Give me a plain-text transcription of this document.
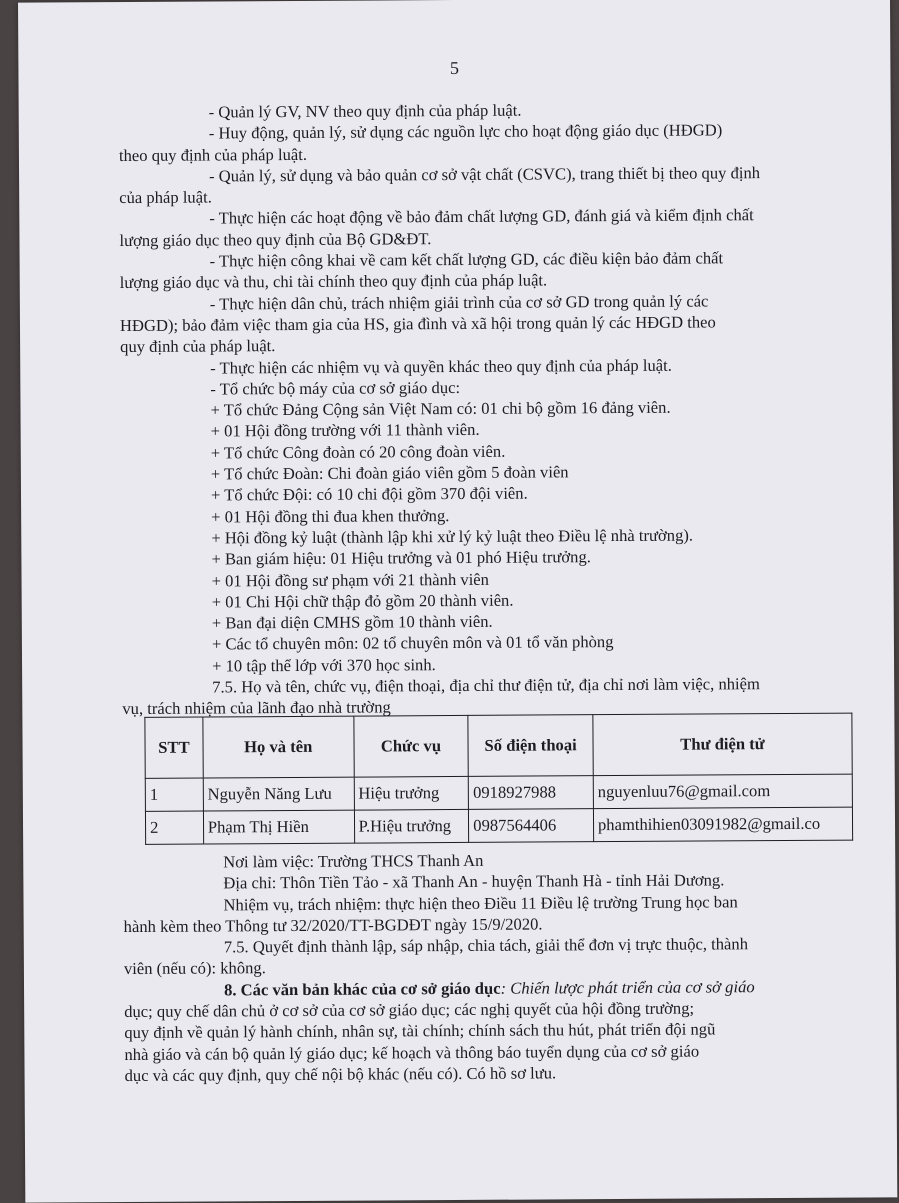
5

- Quản lý GV, NV theo quy định của pháp luật.

- Huy động, quản lý, sử dụng các nguồn lực cho hoạt động giáo dục (HĐGD)

theo quy định của pháp luật.

- Quản lý, sử dụng và bảo quản cơ sở vật chất (CSVC), trang thiết bị theo quy định

của pháp luật.

- Thực hiện các hoạt động về bảo đảm chất lượng GD, đánh giá và kiểm định chất

lượng giáo dục theo quy định của Bộ GD&ĐT.

- Thực hiện công khai về cam kết chất lượng GD, các điều kiện bảo đảm chất

lượng giáo dục và thu, chi tài chính theo quy định của pháp luật.

- Thực hiện dân chủ, trách nhiệm giải trình của cơ sở GD trong quản lý các

HĐGD); bảo đảm việc tham gia của HS, gia đình và xã hội trong quản lý các HĐGD theo

quy định của pháp luật.

- Thực hiện các nhiệm vụ và quyền khác theo quy định của pháp luật.

- Tổ chức bộ máy của cơ sở giáo dục:

+ Tổ chức Đảng Cộng sản Việt Nam có: 01 chi bộ gồm 16 đảng viên.

+ 01 Hội đồng trường với 11 thành viên.

+ Tổ chức Công đoàn có 20 công đoàn viên.

+ Tổ chức Đoàn: Chi đoàn giáo viên gồm 5 đoàn viên

+ Tổ chức Đội: có 10 chi đội gồm 370 đội viên.

+ 01 Hội đồng thi đua khen thưởng.

+ Hội đồng kỷ luật (thành lập khi xử lý kỷ luật theo Điều lệ nhà trường).

+ Ban giám hiệu: 01 Hiệu trưởng và 01 phó Hiệu trưởng.

+ 01 Hội đồng sư phạm với 21 thành viên

+ 01 Chi Hội chữ thập đỏ gồm 20 thành viên.

+ Ban đại diện CMHS gồm 10 thành viên.

+ Các tổ chuyên môn: 02 tổ chuyên môn và 01 tổ văn phòng

+ 10 tập thể lớp với 370 học sinh.

7.5. Họ và tên, chức vụ, điện thoại, địa chỉ thư điện tử, địa chỉ nơi làm việc, nhiệm

vụ, trách nhiệm của lãnh đạo nhà trường

STT	Họ và tên	Chức vụ	Số điện thoại	Thư điện tử
1	Nguyễn Năng Lưu	Hiệu trưởng	0918927988	nguyenluu76@gmail.com
2	Phạm Thị Hiền	P.Hiệu trưởng	0987564406	phamthihien03091982@gmail.co

Nơi làm việc: Trường THCS Thanh An

Địa chỉ: Thôn Tiền Tảo - xã Thanh An - huyện Thanh Hà - tỉnh Hải Dương.

Nhiệm vụ, trách nhiệm: thực hiện theo Điều 11 Điều lệ trường Trung học ban

hành kèm theo Thông tư 32/2020/TT-BGDĐT ngày 15/9/2020.

7.5. Quyết định thành lập, sáp nhập, chia tách, giải thể đơn vị trực thuộc, thành

viên (nếu có): không.

8. Các văn bản khác của cơ sở giáo dục: Chiến lược phát triển của cơ sở giáo

dục; quy chế dân chủ ở cơ sở của cơ sở giáo dục; các nghị quyết của hội đồng trường;

quy định về quản lý hành chính, nhân sự, tài chính; chính sách thu hút, phát triển đội ngũ

nhà giáo và cán bộ quản lý giáo dục; kế hoạch và thông báo tuyển dụng của cơ sở giáo

dục và các quy định, quy chế nội bộ khác (nếu có). Có hồ sơ lưu.
